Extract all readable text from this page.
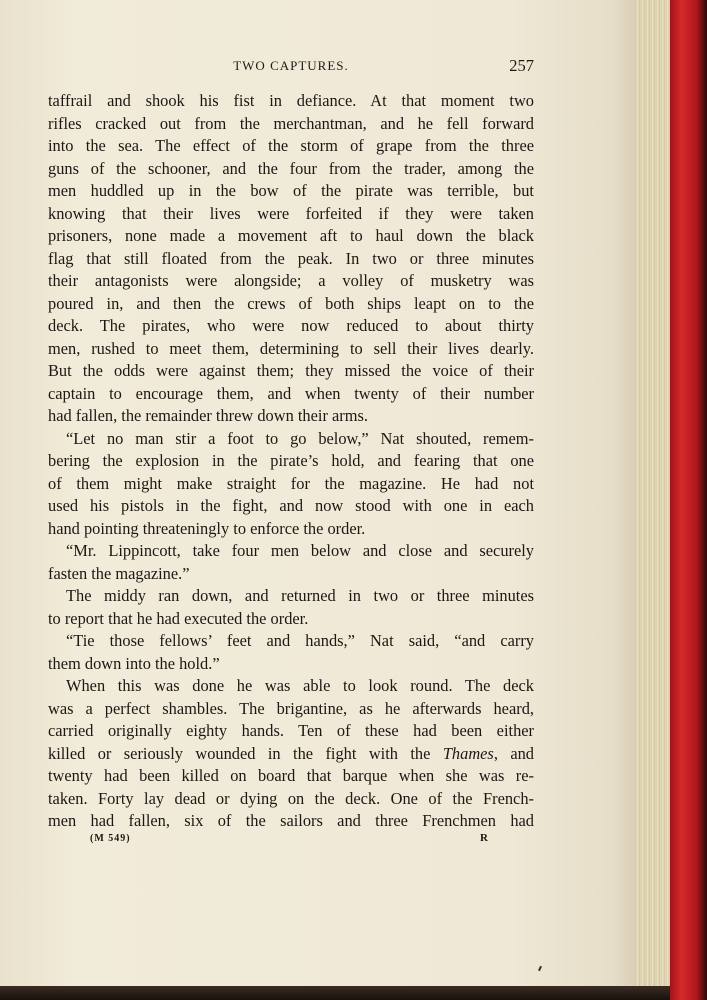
TWO CAPTURES.	257
taffrail and shook his fist in defiance. At that moment two
rifles cracked out from the merchantman, and he fell forward
into the sea. The effect of the storm of grape from the three
guns of the schooner, and the four from the trader, among the
men huddled up in the bow of the pirate was terrible, but
knowing that their lives were forfeited if they were taken
prisoners, none made a movement aft to haul down the black
flag that still floated from the peak. In two or three minutes
their antagonists were alongside; a volley of musketry was
poured in, and then the crews of both ships leapt on to the
deck. The pirates, who were now reduced to about thirty
men, rushed to meet them, determining to sell their lives dearly.
But the odds were against them; they missed the voice of their
captain to encourage them, and when twenty of their number
had fallen, the remainder threw down their arms.
“Let no man stir a foot to go below,” Nat shouted, remem-
bering the explosion in the pirate’s hold, and fearing that one
of them might make straight for the magazine. He had not
used his pistols in the fight, and now stood with one in each
hand pointing threateningly to enforce the order.
“Mr. Lippincott, take four men below and close and securely
fasten the magazine.”
The middy ran down, and returned in two or three minutes
to report that he had executed the order.
“Tie those fellows’ feet and hands,” Nat said, “and carry
them down into the hold.”
When this was done he was able to look round. The deck
was a perfect shambles. The brigantine, as he afterwards heard,
carried originally eighty hands. Ten of these had been either
killed or seriously wounded in the fight with the Thames, and
twenty had been killed on board that barque when she was re-
taken. Forty lay dead or dying on the deck. One of the French-
men had fallen, six of the sailors and three Frenchmen had
(M 549)	R
